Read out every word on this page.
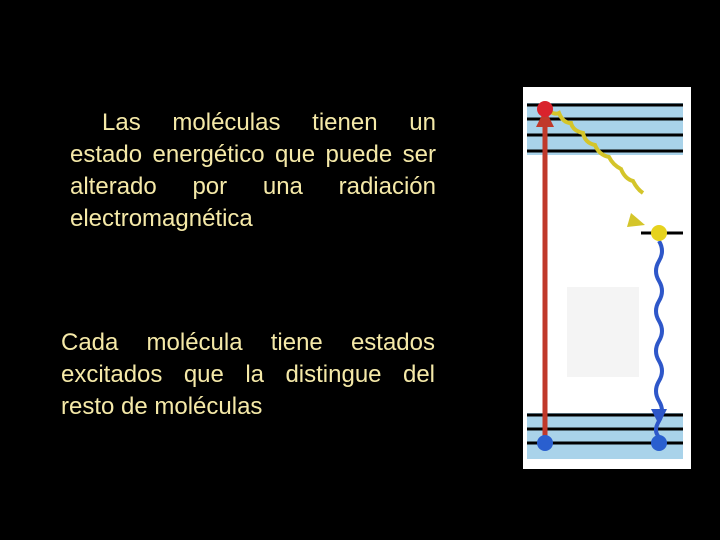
Las moléculas tienen un estado energético que puede ser alterado por una radiación electromagnética
Cada molécula tiene estados excitados que la distingue del resto de moléculas
